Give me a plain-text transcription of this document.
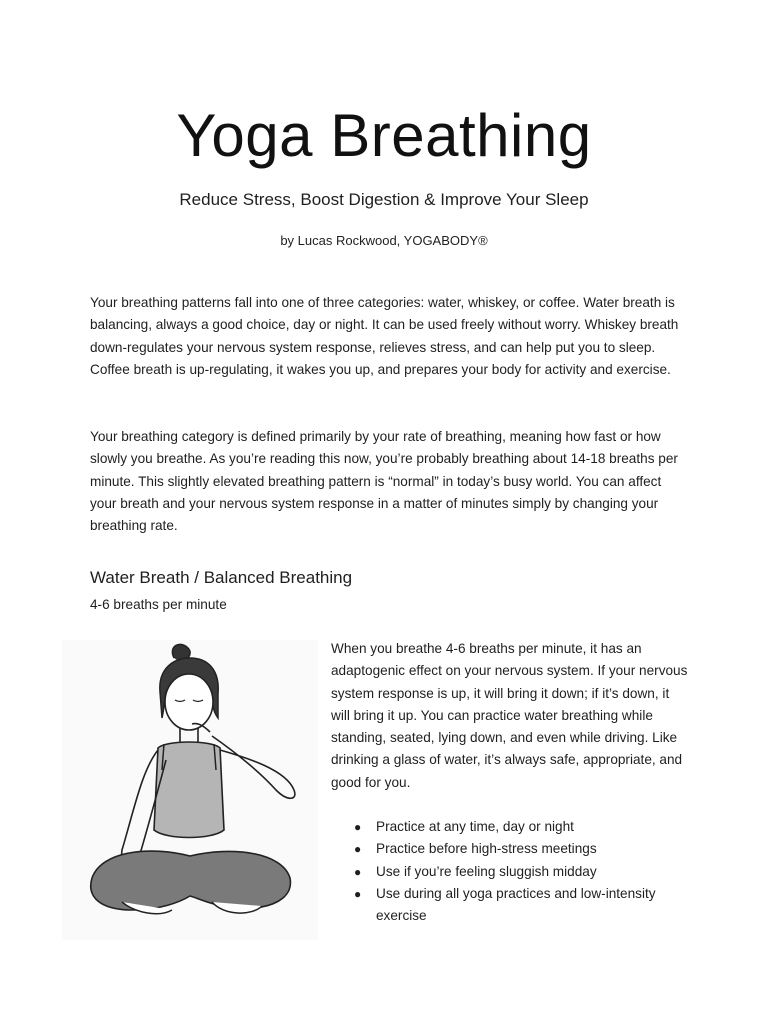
Yoga Breathing
Reduce Stress, Boost Digestion & Improve Your Sleep
by Lucas Rockwood, YOGABODY®

Your breathing patterns fall into one of three categories: water, whiskey, or coffee. Water breath is balancing, always a good choice, day or night. It can be used freely without worry. Whiskey breath down-regulates your nervous system response, relieves stress, and can help put you to sleep. Coffee breath is up-regulating, it wakes you up, and prepares your body for activity and exercise.

Your breathing category is defined primarily by your rate of breathing, meaning how fast or how slowly you breathe. As you’re reading this now, you’re probably breathing about 14-18 breaths per minute. This slightly elevated breathing pattern is “normal” in today’s busy world. You can affect your breath and your nervous system response in a matter of minutes simply by changing your breathing rate.

Water Breath / Balanced Breathing
4-6 breaths per minute

When you breathe 4-6 breaths per minute, it has an adaptogenic effect on your nervous system. If your nervous system response is up, it will bring it down; if it’s down, it will bring it up. You can practice water breathing while standing, seated, lying down, and even while driving. Like drinking a glass of water, it’s always safe, appropriate, and good for you.

● Practice at any time, day or night
● Practice before high-stress meetings
● Use if you’re feeling sluggish midday
● Use during all yoga practices and low-intensity exercise
